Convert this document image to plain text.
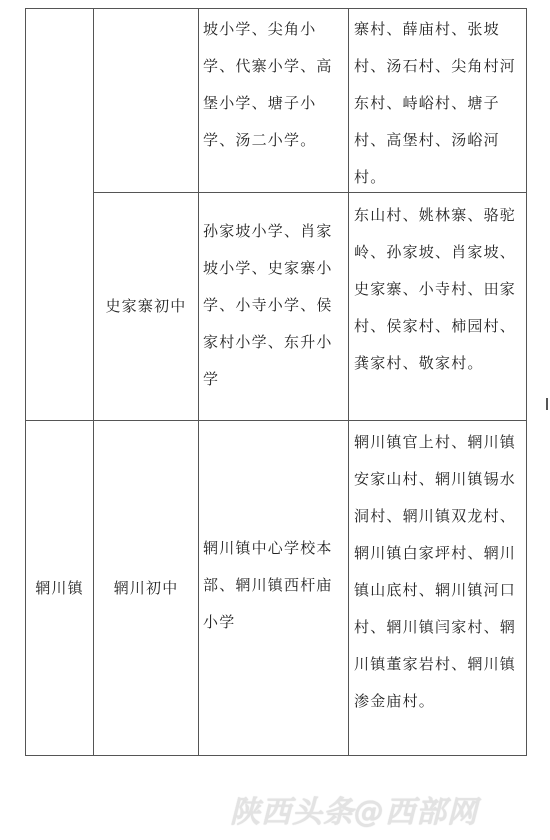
坡小学、尖角小学、代寨小学、高堡小学、塘子小学、汤二小学。
寨村、薛庙村、张坡村、汤石村、尖角村河东村、峙峪村、塘子村、高堡村、汤峪河村。
史家寨初中
孙家坡小学、肖家坡小学、史家寨小学、小寺小学、侯家村小学、东升小学
东山村、姚林寨、骆驼岭、孙家坡、肖家坡、史家寨、小寺村、田家村、侯家村、柿园村、龚家村、敬家村。
辋川镇	辋川初中
辋川镇中心学校本部、辋川镇西杆庙小学
辋川镇官上村、辋川镇安家山村、辋川镇锡水洞村、辋川镇双龙村、辋川镇白家坪村、辋川镇山底村、辋川镇河口村、辋川镇闫家村、辋川镇董家岩村、辋川镇渗金庙村。
陕西头条@西部网
